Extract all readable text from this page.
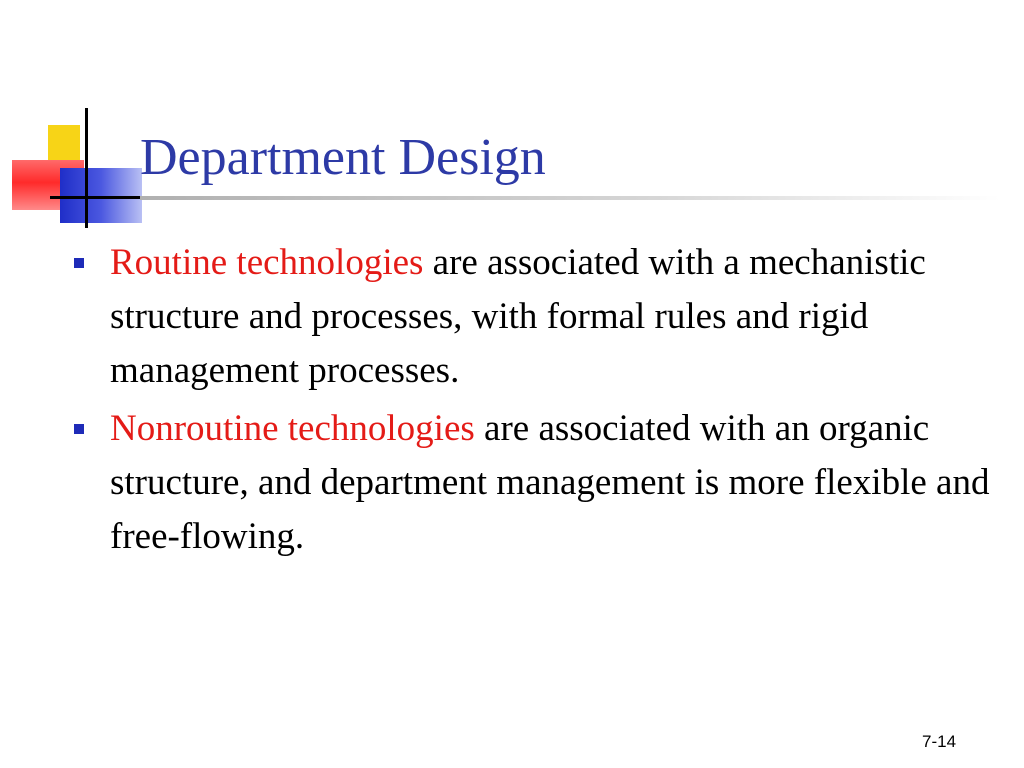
Department Design
Routine technologies are associated with a mechanistic structure and processes, with formal rules and rigid management processes.
Nonroutine technologies are associated with an organic structure, and department management is more flexible and free-flowing.
7-14
